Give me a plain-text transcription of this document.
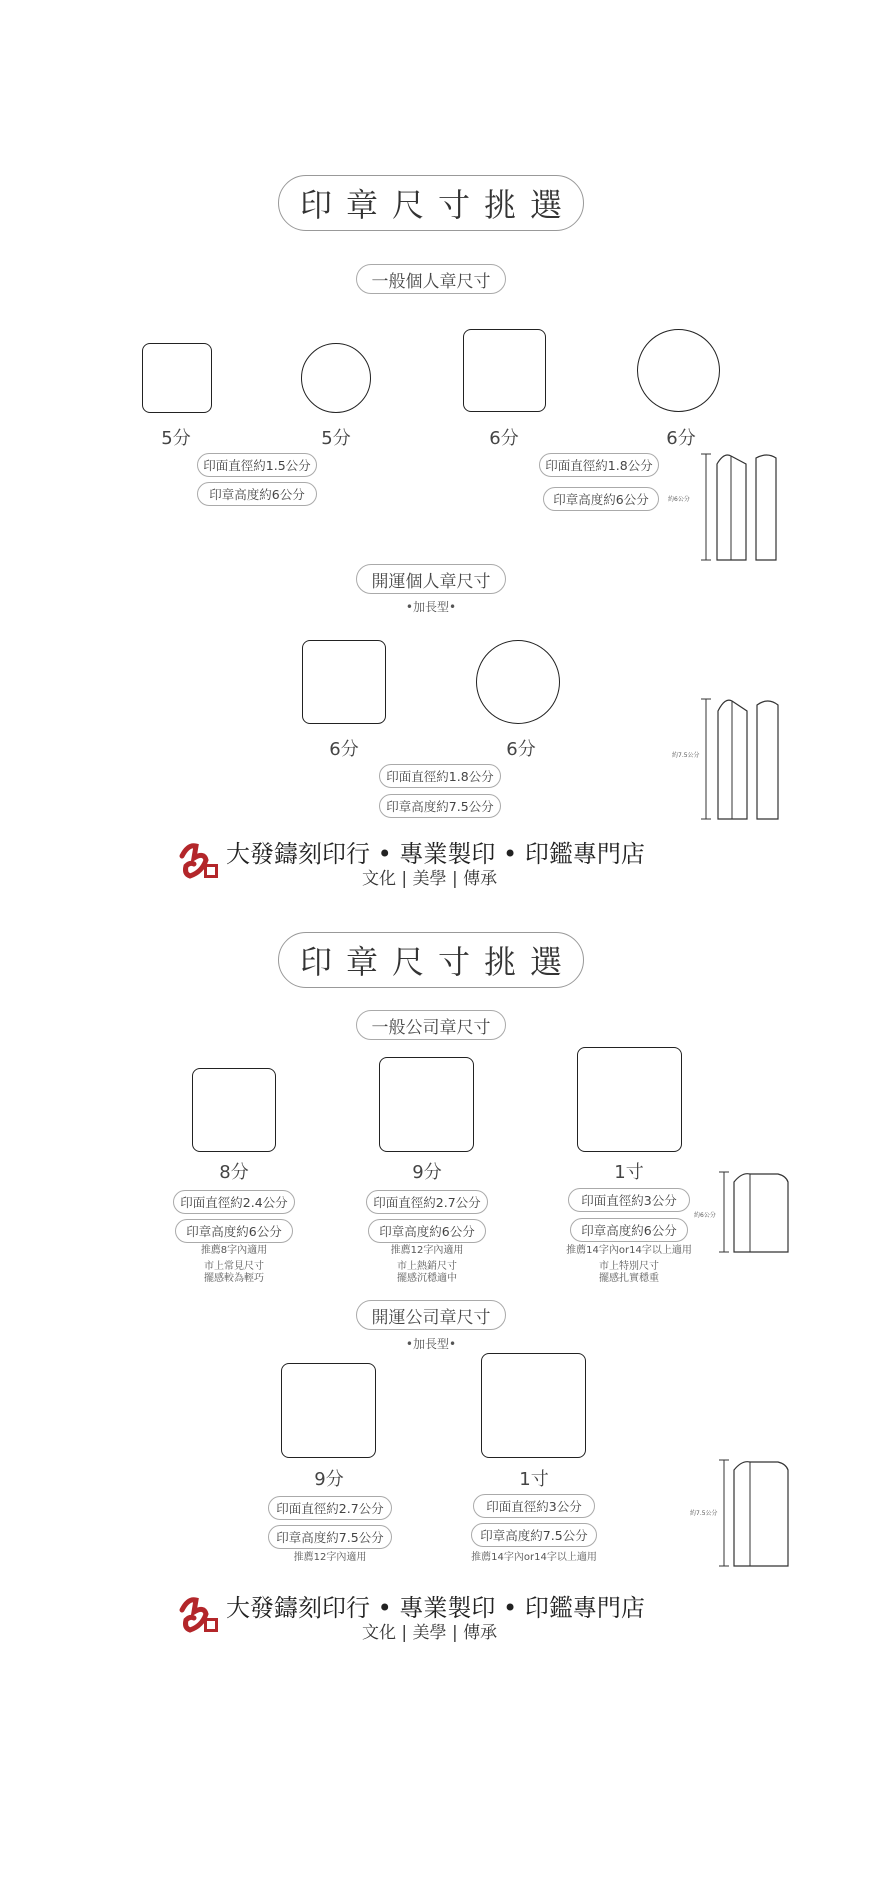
印章尺寸挑選
一般個人章尺寸
5分	5分	6分	6分
印面直徑約1.5公分
印章高度約6公分
印面直徑約1.8公分
印章高度約6公分	約6公分
開運個人章尺寸
•加長型•
6分	6分
印面直徑約1.8公分
印章高度約7.5公分
約7.5公分
大發鑄刻印行 • 專業製印 • 印鑑專門店
文化 | 美學 | 傳承
印章尺寸挑選
一般公司章尺寸
8分	9分	1寸
印面直徑約2.4公分
印章高度約6公分
推薦8字內適用
市上常見尺寸
擺感較為輕巧
印面直徑約2.7公分
印章高度約6公分
推薦12字內適用
市上熱銷尺寸
擺感沉穩適中
印面直徑約3公分
印章高度約6公分
推薦14字內or14字以上適用
市上特別尺寸
擺感扎實穩重
約6公分
開運公司章尺寸
•加長型•
9分	1寸
印面直徑約2.7公分
印章高度約7.5公分
推薦12字內適用
印面直徑約3公分
印章高度約7.5公分
推薦14字內or14字以上適用
約7.5公分
大發鑄刻印行 • 專業製印 • 印鑑專門店
文化 | 美學 | 傳承
